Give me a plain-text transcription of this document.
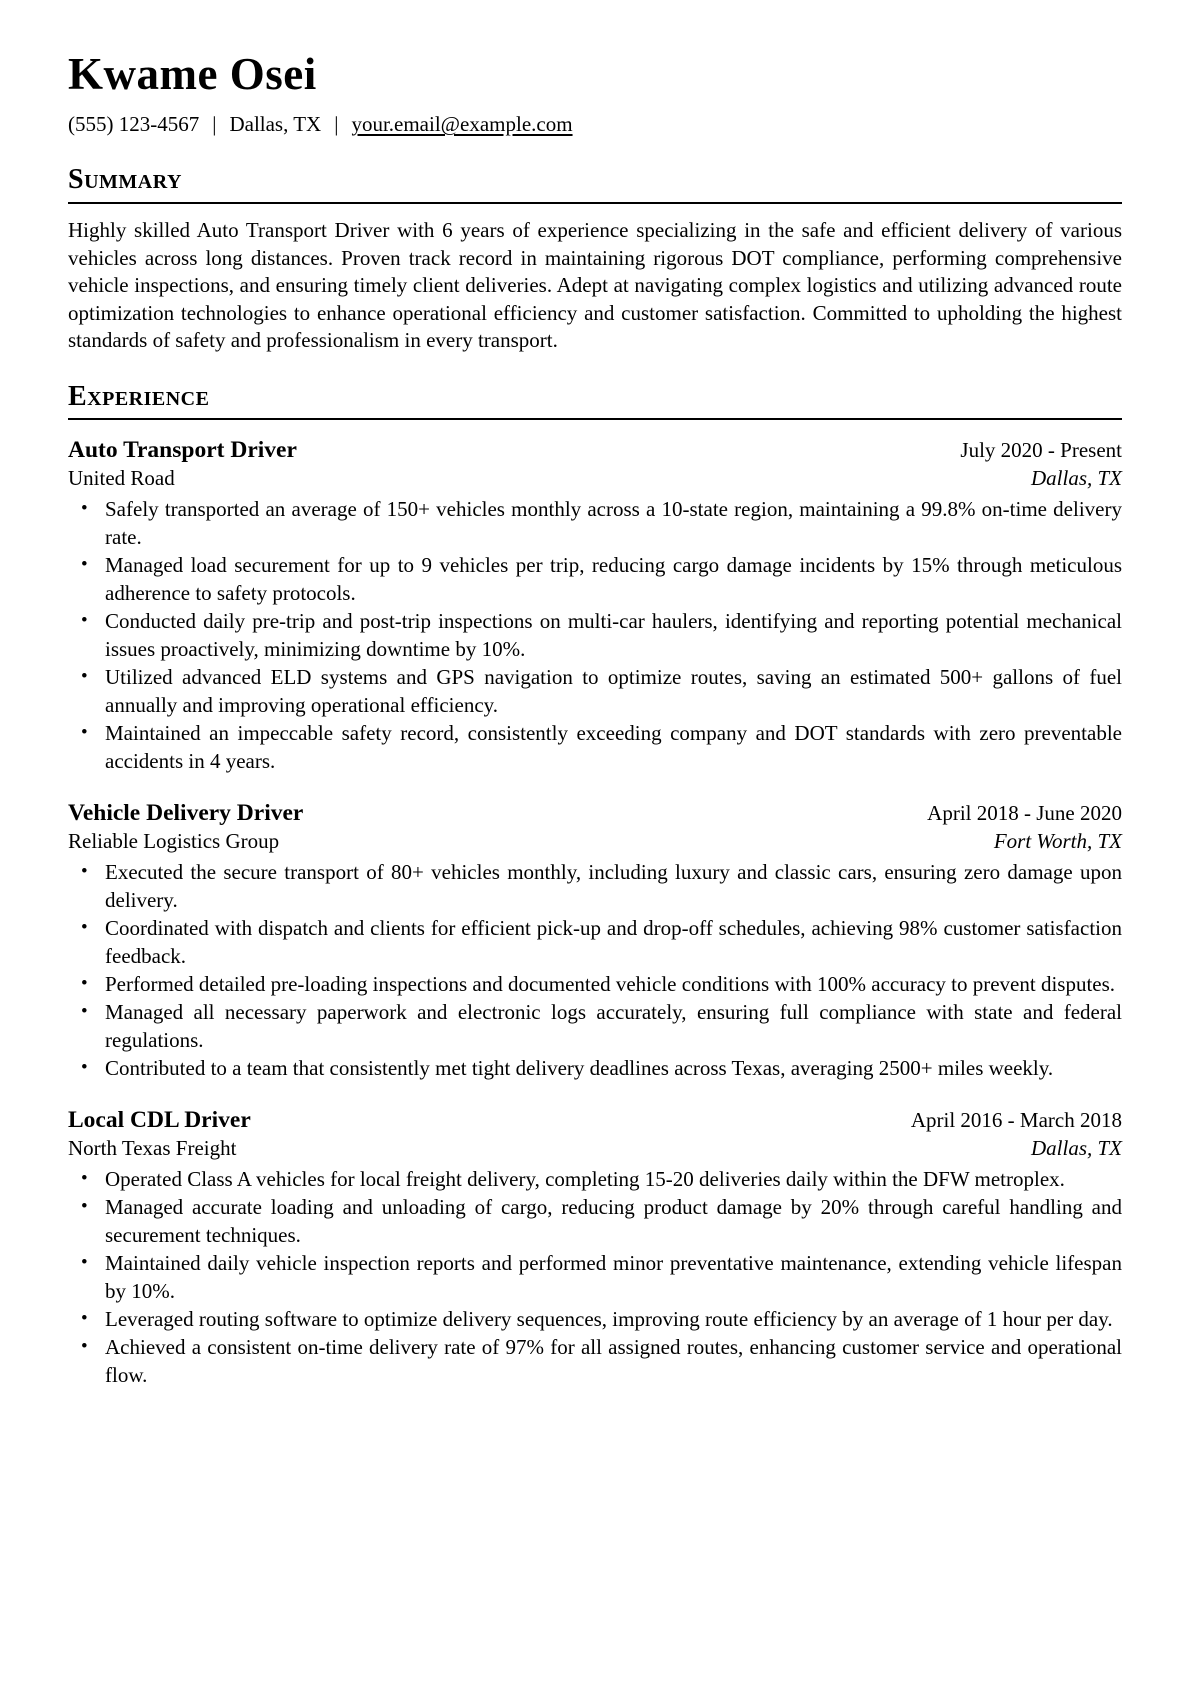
Kwame Osei
(555) 123-4567 | Dallas, TX | your.email@example.com
Summary

Highly skilled Auto Transport Driver with 6 years of experience specializing in the safe and efficient delivery of various vehicles across long distances. Proven track record in maintaining rigorous DOT compliance, performing comprehensive vehicle inspections, and ensuring timely client deliveries. Adept at navigating complex logistics and utilizing advanced route optimization technologies to enhance operational efficiency and customer satisfaction. Committed to upholding the highest standards of safety and professionalism in every transport.

Experience
Auto Transport Driver	July 2020 - Present
United Road	Dallas, TX
• Safely transported an average of 150+ vehicles monthly across a 10-state region, maintaining a 99.8% on-time delivery rate.
• Managed load securement for up to 9 vehicles per trip, reducing cargo damage incidents by 15% through meticulous adherence to safety protocols.
• Conducted daily pre-trip and post-trip inspections on multi-car haulers, identifying and reporting potential mechanical issues proactively, minimizing downtime by 10%.
• Utilized advanced ELD systems and GPS navigation to optimize routes, saving an estimated 500+ gallons of fuel annually and improving operational efficiency.
• Maintained an impeccable safety record, consistently exceeding company and DOT standards with zero preventable accidents in 4 years.
Vehicle Delivery Driver	April 2018 - June 2020
Reliable Logistics Group	Fort Worth, TX
• Executed the secure transport of 80+ vehicles monthly, including luxury and classic cars, ensuring zero damage upon delivery.
• Coordinated with dispatch and clients for efficient pick-up and drop-off schedules, achieving 98% customer satisfaction feedback.
• Performed detailed pre-loading inspections and documented vehicle conditions with 100% accuracy to prevent disputes.
• Managed all necessary paperwork and electronic logs accurately, ensuring full compliance with state and federal regulations.
• Contributed to a team that consistently met tight delivery deadlines across Texas, averaging 2500+ miles weekly.
Local CDL Driver	April 2016 - March 2018
North Texas Freight	Dallas, TX
• Operated Class A vehicles for local freight delivery, completing 15-20 deliveries daily within the DFW metroplex.
• Managed accurate loading and unloading of cargo, reducing product damage by 20% through careful handling and securement techniques.
• Maintained daily vehicle inspection reports and performed minor preventative maintenance, extending vehicle lifespan by 10%.
• Leveraged routing software to optimize delivery sequences, improving route efficiency by an average of 1 hour per day.
• Achieved a consistent on-time delivery rate of 97% for all assigned routes, enhancing customer service and operational flow.
